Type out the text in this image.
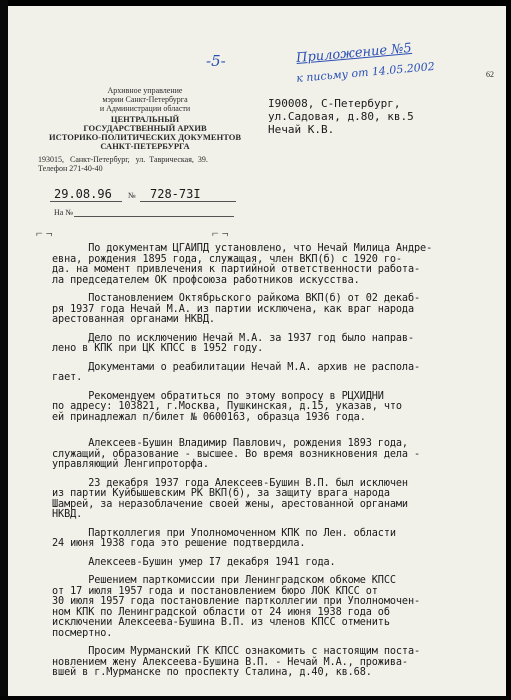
-5-	Приложение №5
к письму от 14.05.2002	62
Архивное управление
мэрии Санкт-Петербурга
и Администрации области
ЦЕНТРАЛЬНЫЙ
ГОСУДАРСТВЕННЫЙ АРХИВ
ИСТОРИКО-ПОЛИТИЧЕСКИХ ДОКУМЕНТОВ
САНКТ-ПЕТЕРБУРГА
193015,   Санкт-Петербург,   ул.  Таврическая,  39.
Телефон 271-40-40
I90008, С-Петербург,
ул.Садовая, д.80, кв.5
Нечай К.В.
29.08.96 № 728-73I
На №
⌐ ¬	⌐ ¬
По документам ЦГАИПД установлено, что Нечай Милица Андре-
евна, рождения 1895 года, служащая, член ВКП(б) с 1920 го-
да. на момент привлечения к партийной ответственности работа-
ла председателем ОК профсоюза работников искусства.

Постановлением Октябрьского райкома ВКП(б) от 02 декаб-
ря 1937 года Нечай М.А. из партии исключена, как враг народа
арестованная органами НКВД.

Дело по исключению Нечай М.А. за 1937 год было направ-
лено в КПК при ЦК КПСС в 1952 году.

Документами о реабилитации Нечай М.А. архив не распола-
гает.

Рекомендуем обратиться по этому вопросу в РЦХИДНИ
по адресу: 103821, г.Москва, Пушкинская, д.15, указав, что
ей принадлежал п/билет № 0600163, образца 1936 года.

Алексеев-Бушин Владимир Павлович, рождения 1893 года,
служащий, образование - высшее. Во время возникновения дела -
управляющий Ленгипроторфа.

23 декабря 1937 года Алексеев-Бушин В.П. был исключен
из партии Куйбышевским РК ВКП(б), за защиту врага народа
Шамрей, за неразоблачение своей жены, арестованной органами
НКВД.

Партколлегия при Уполномоченном КПК по Лен. области
24 июня 1938 года это решение подтвердила.

Алексеев-Бушин умер I7 декабря 1941 года.

Решением парткомиссии при Ленинградском обкоме КПСС
от 17 июля 1957 года и постановлением бюро ЛОК КПСС от
30 июля 1957 года постановление партколлегии при Уполномочен-
ном КПК по Ленинградской области от 24 июня 1938 года об
исключении Алексеева-Бушина В.П. из членов КПСС отменить
посмертно.

Просим Мурманский ГК КПСС ознакомить с настоящим поста-
новлением жену Алексеева-Бушина В.П. - Нечай М.А., прожива-
вшей в г.Мурманске по проспекту Сталина, д.40, кв.68.
